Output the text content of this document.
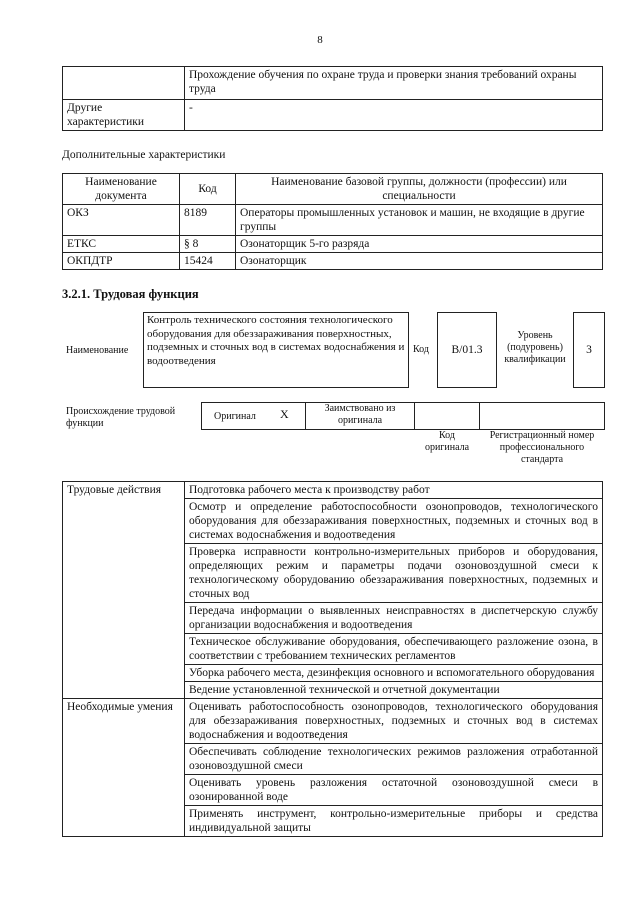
8
	Прохождение обучения по охране труда и проверки знания требований охраны труда
Другие характеристики	-
Дополнительные характеристики
Наименование документа	Код	Наименование базовой группы, должности (профессии) или специальности
ОКЗ	8189	Операторы промышленных установок и машин, не входящие в другие группы
ЕТКС	§ 8	Озонаторщик 5-го разряда
ОКПДТР	15424	Озонаторщик
3.2.1. Трудовая функция
Наименование
Контроль технического состояния технологического оборудования для обеззараживания поверхностных, подземных и сточных вод в системах водоснабжения и водоотведения
Код	B/01.3
Уровень (подуровень) квалификации
3
Происхождение трудовой функции
Оригинал X	Заимствовано из оригинала
Код оригинала
Регистрационный номер профессионального стандарта
Трудовые действия	Подготовка рабочего места к производству работ
	Осмотр и определение работоспособности озонопроводов, технологического оборудования для обеззараживания поверхностных, подземных и сточных вод в системах водоснабжения и водоотведения
	Проверка исправности контрольно-измерительных приборов и оборудования, определяющих режим и параметры подачи озоновоздушной смеси к технологическому оборудованию обеззараживания поверхностных, подземных и сточных вод
	Передача информации о выявленных неисправностях в диспетчерскую службу организации водоснабжения и водоотведения
	Техническое обслуживание оборудования, обеспечивающего разложение озона, в соответствии с требованием технических регламентов
	Уборка рабочего места, дезинфекция основного и вспомогательного оборудования
	Ведение установленной технической и отчетной документации
Необходимые умения	Оценивать работоспособность озонопроводов, технологического оборудования для обеззараживания поверхностных, подземных и сточных вод в системах водоснабжения и водоотведения
	Обеспечивать соблюдение технологических режимов разложения отработанной озоновоздушной смеси
	Оценивать уровень разложения остаточной озоновоздушной смеси в озонированной воде
	Применять инструмент, контрольно-измерительные приборы и средства индивидуальной защиты
